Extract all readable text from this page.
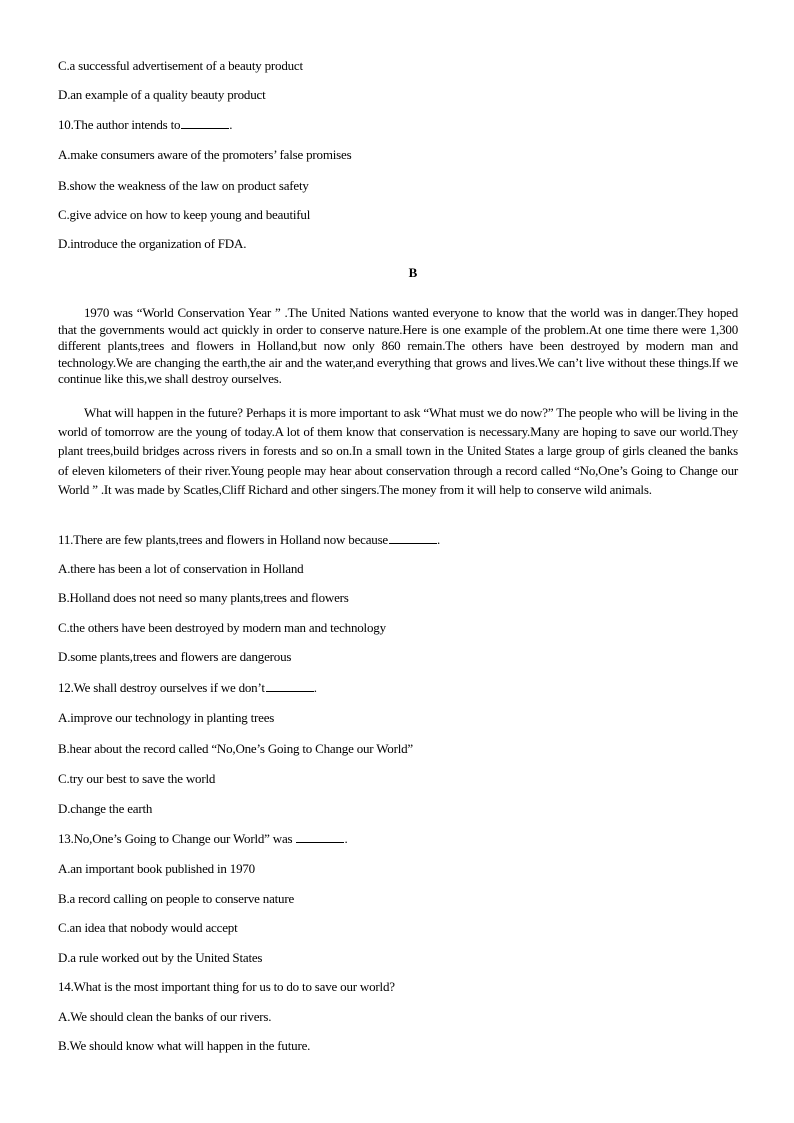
C.a successful advertisement of a beauty product
D.an example of a quality beauty product
10.The author intends to	.
A.make consumers aware of the promoters’ false promises
B.show the weakness of the law on product safety
C.give advice on how to keep young and beautiful
D.introduce the organization of FDA.
B
1970 was “World Conservation Year ” .The United Nations wanted everyone to know that the world was in danger.They hoped that the governments would act quickly in order to conserve nature.Here is one example of the problem.At one time there were 1,300 different plants,trees and flowers in Holland,but now only 860 remain.The others have been destroyed by modern man and technology.We are changing the earth,the air and the water,and everything that grows and lives.We can’t live without these things.If we continue like this,we shall destroy ourselves.
What will happen in the future? Perhaps it is more important to ask “What must we do now?” The people who will be living in the world of tomorrow are the young of today.A lot of them know that conservation is necessary.Many are hoping to save our world.They plant trees,build bridges across rivers in forests and so on.In a small town in the United States a large group of girls cleaned the banks of eleven kilometers of their river.Young people may hear about conservation through a record called “No,One’s Going to Change our World ” .It was made by Scatles,Cliff Richard and other singers.The money from it will help to conserve wild animals.
11.There are few plants,trees and flowers in Holland now because	.
A.there has been a lot of conservation in Holland
B.Holland does not need so many plants,trees and flowers
C.the others have been destroyed by modern man and technology
D.some plants,trees and flowers are dangerous
12.We shall destroy ourselves if we don’t	.
A.improve our technology in planting trees
B.hear about the record called “No,One’s Going to Change our World”
C.try our best to save the world
D.change the earth
13.No,One’s Going to Change our World” was	.
A.an important book published in 1970
B.a record calling on people to conserve nature
C.an idea that nobody would accept
D.a rule worked out by the United States
14.What is the most important thing for us to do to save our world?
A.We should clean the banks of our rivers.
B.We should know what will happen in the future.
